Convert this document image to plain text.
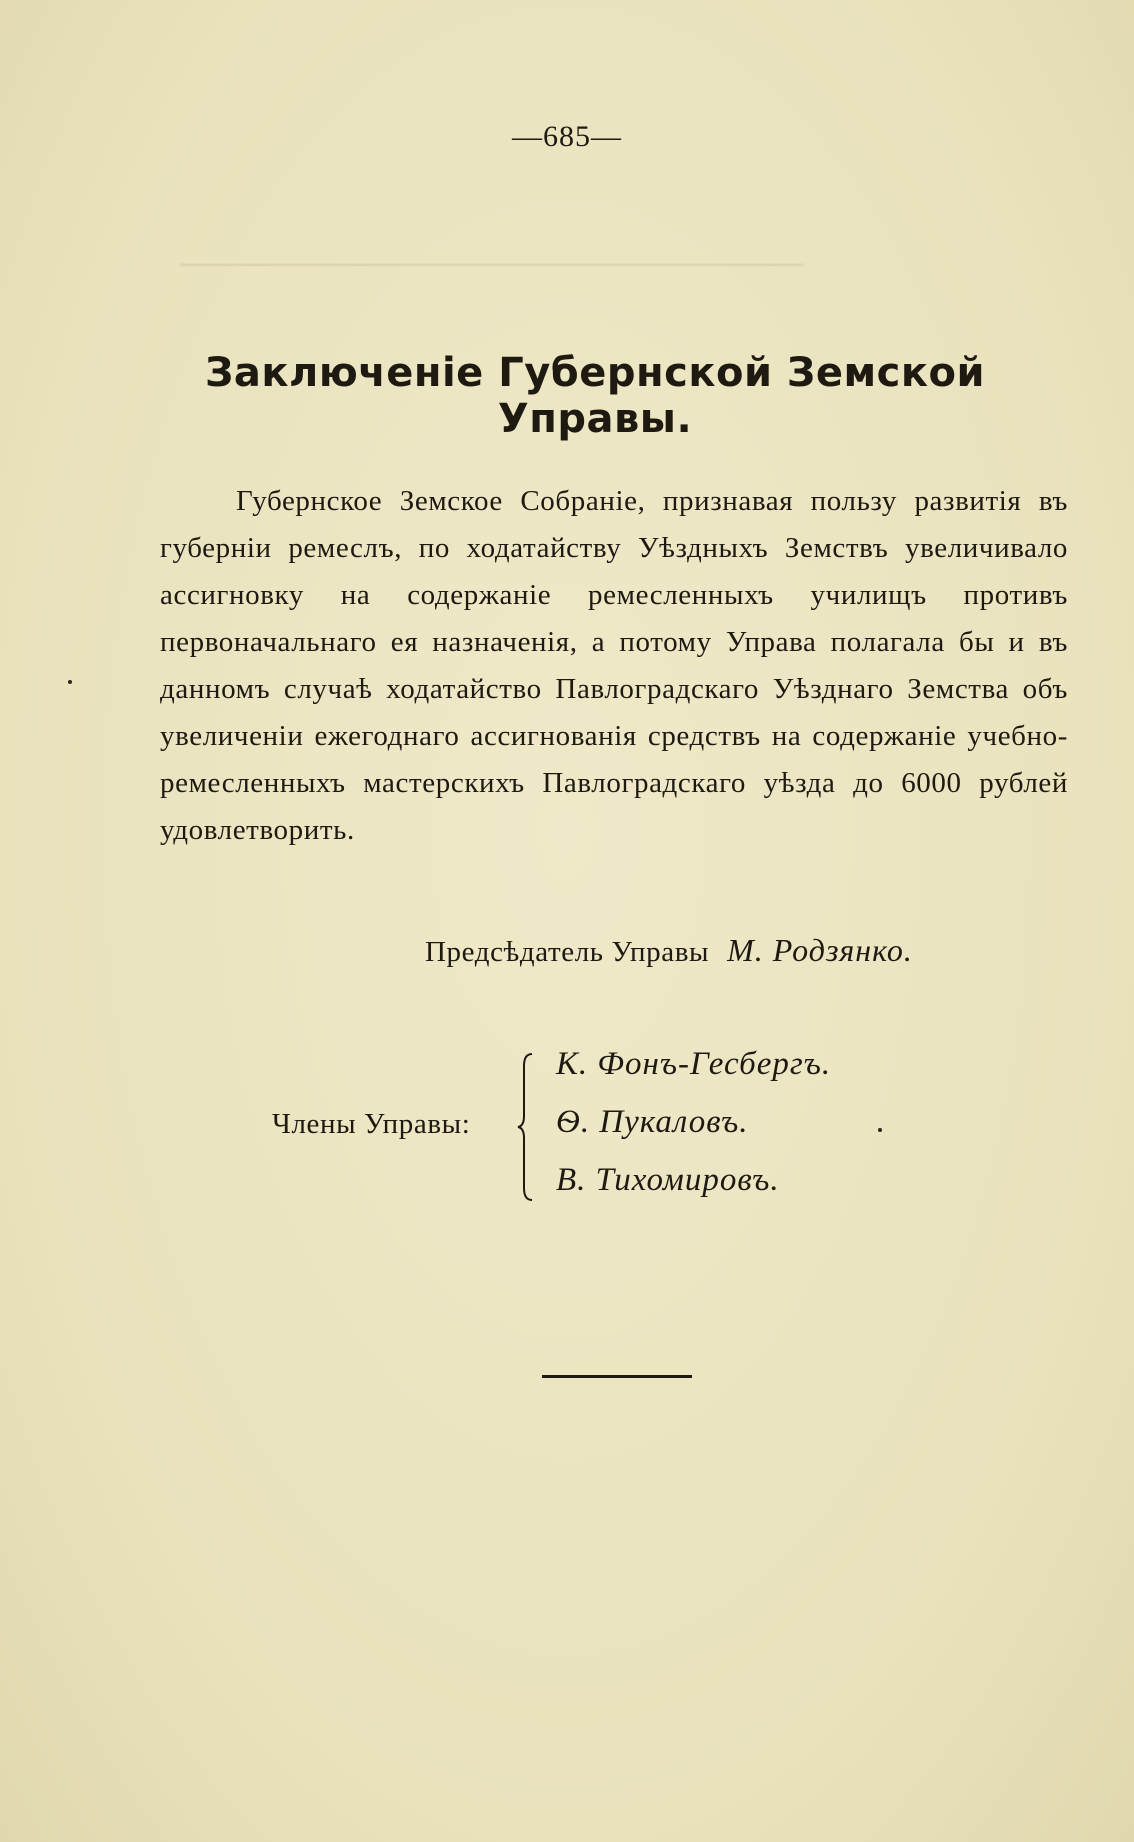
──────────────────────
—685—
Заключеніе Губернской Земской Управы.

Губернское Земское Собраніе, признавая пользу развитія въ губерніи ремеслъ, по ходатайству Уѣздныхъ Земствъ увеличивало ассигновку на содержаніе ремесленныхъ училищъ противъ первоначальнаго ея назначенія, а потому Управа полагала бы и въ данномъ случаѣ ходатайство Павлоградскаго Уѣзднаго Земства объ увеличеніи ежегоднаго ассигнованія средствъ на содержаніе учебно-ремесленныхъ мастерскихъ Павлоградскаго уѣзда до 6000 рублей удовлетворить.

Предсѣдатель Управы М. Родзянко.
Члены Управы:
К. Фонъ-Гесбергъ.
Ѳ. Пукаловъ.
В. Тихомировъ.
